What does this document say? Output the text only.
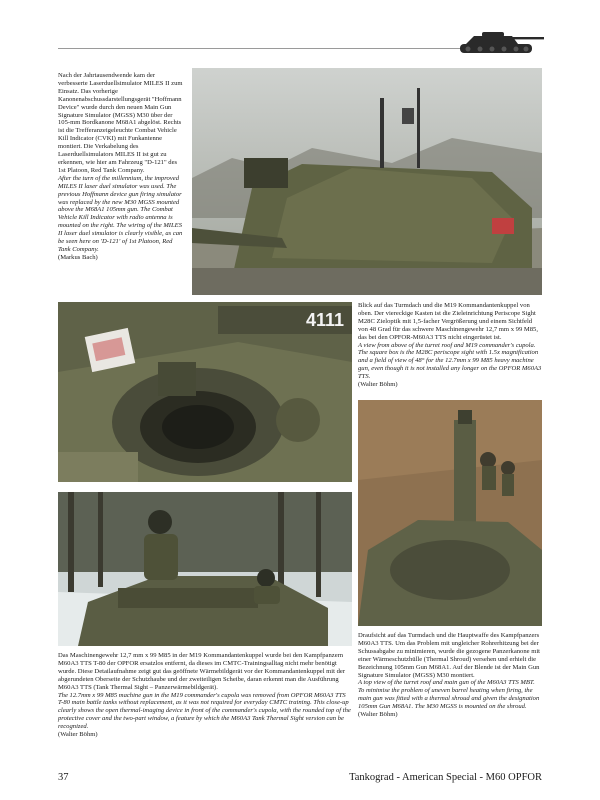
Nach der Jahrtausendwende kam der verbesserte Laserduellsimulator MILES II zum Einsatz. Das vorherige Kanonenabschussdarstellungsgerät "Hoffmann Device" wurde durch den neuen Main Gun Signature Simulator (MGSS) M30 über der 105-mm Bordkanone M68A1 abgelöst. Rechts ist die Trefferanzeigeleuchte Combat Vehicle Kill Indicator (CVKI) mit Funkantenne montiert. Die Verkabelung des Laserduellsimulators MILES II ist gut zu erkennen, wie hier am Fahrzeug "D-121" des 1st Platoon, Red Tank Company.

After the turn of the millennium, the improved MILES II laser duel simulator was used. The previous Hoffmann device gun firing simulator was replaced by the new M30 MGSS mounted above the M68A1 105mm gun. The Combat Vehicle Kill Indicator with radio antenna is mounted on the right. The wiring of the MILES II laser duel simulator is clearly visible, as can be seen here on 'D-121' of 1st Platoon, Red Tank Company.

(Markus Bach)

4111

Blick auf das Turmdach und die M19 Kommandantenkuppel von oben. Der viereckige Kasten ist die Zieleinrichtung Periscope Sight M28C Zieloptik mit 1,5-facher Vergrößerung und einem Sichtfeld von 48 Grad für das schwere Maschinengewehr 12,7 mm x 99 M85, das bei den OPFOR-M60A3 TTS nicht eingerüstet ist.

A view from above of the turret roof and M19 commander's cupola. The square box is the M28C periscope sight with 1.5x magnification and a field of view of 48° for the 12.7mm x 99 M85 heavy machine gun, even though it is not installed any longer on the OPFOR M60A3 TTS.

(Walter Böhm)

Das Maschinengewehr 12,7 mm x 99 M85 in der M19 Kommandantenkuppel wurde bei den Kampfpanzern M60A3 TTS T-80 der OPFOR ersatzlos entfernt, da dieses im CMTC-Trainingsalltag nicht mehr benötigt wurde. Diese Detailaufnahme zeigt gut das geöffnete Wärmebildgerät vor der Kommandantenkuppel mit der abgerundeten Oberseite der Schutzhaube und der zweiteiligen Scheibe, daran erkennt man die Ausführung M60A3 TTS (Tank Thermal Sight – Panzerwärmebildgerät).

The 12.7mm x 99 M85 machine gun in the M19 commander's cupola was removed from OPFOR M60A3 TTS T-80 main battle tanks without replacement, as it was not required for everyday CMTC training. This close-up clearly shows the open thermal-imaging device in front of the commander's cupola, with the rounded top of the protective cover and the two-part window, a feature by which the M60A3 Tank Thermal Sight version can be recognized.

(Walter Böhm)

Draufsicht auf das Turmdach und die Hauptwaffe des Kampfpanzers M60A3 TTS. Um das Problem mit ungleicher Rohrerhitzung bei der Schussabgabe zu minimieren, wurde die gezogene Panzerkanone mit einer Wärmeschutzhülle (Thermal Shroud) versehen und erhielt die Bezeichnung 105mm Gun M68A1. Auf der Blende ist der Main Gun Signature Simulator (MGSS) M30 montiert.

A top view of the turret roof and main gun of the M60A3 TTS MBT. To minimise the problem of uneven barrel heating when firing, the main gun was fitted with a thermal shroud and given the designation 105mm Gun M68A1. The M30 MGSS is mounted on the shroud.

(Walter Böhm)

37	Tankograd - American Special - M60 OPFOR
